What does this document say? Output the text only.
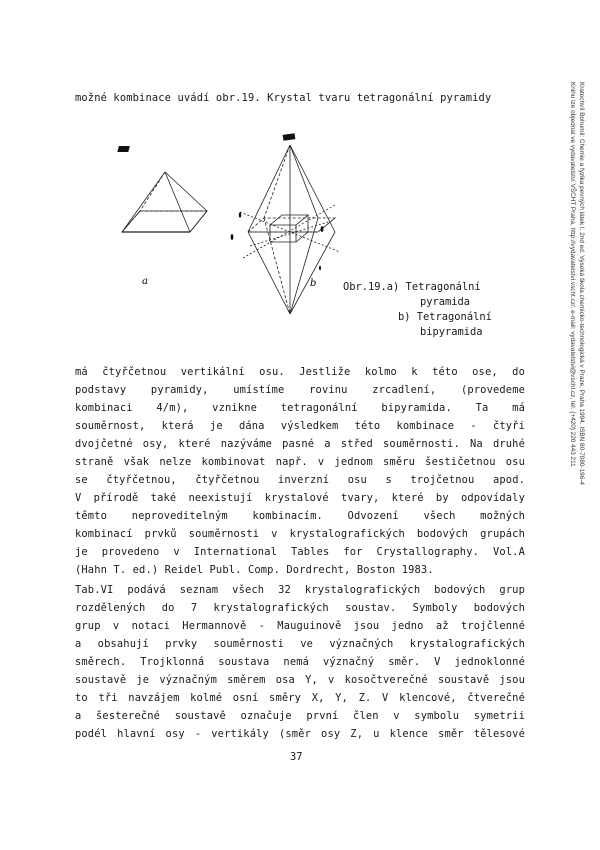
možné kombinace uvádí obr.19. Krystal tvaru tetragonální pyramidy
a	b	Obr.19.a) Tetragonální
pyramida
b) Tetragonální
bipyramida
má čtyřčetnou vertikální osu. Jestliže kolmo k této ose, do
podstavy pyramidy, umístíme rovinu zrcadlení, (provedeme
kombinaci 4/m), vznikne tetragonální bipyramida. Ta má
souměrnost, která je dána výsledkem této kombinace - čtyři
dvojčetné osy, které nazýváme pasné a střed souměrnosti. Na druhé
straně však nelze kombinovat např. v jednom směru šestičetnou osu
se čtyřčetnou, čtyřčetnou inverzní osu s trojčetnou apod.
V přírodě také neexistují krystalové tvary, které by odpovídaly
těmto neproveditelným kombinacím. Odvození všech možných
kombinací prvků souměrnosti v krystalografických bodových grupách
je provedeno v International Tables for Crystallography. Vol.A
(Hahn T. ed.) Reidel Publ. Comp. Dordrecht, Boston 1983.
Tab.VI podává seznam všech 32 krystalografických bodových grup
rozdělených do 7 krystalografických soustav. Symboly bodových
grup v notaci Hermannově - Mauguinově jsou jedno až trojčlenné
a obsahují prvky souměrnosti ve význačných krystalografických
směrech. Trojklonná soustava nemá význačný směr. V jednoklonné
soustavě je význačným směrem osa Y, v kosočtverečné soustavě jsou
to tři navzájem kolmé osní směry X, Y, Z. V klencové, čtverečné
a šesterečné soustavě označuje první člen v symbolu symetrii
podél hlavní osy - vertikály (směr osy Z, u klence směr tělesové
37
Kratochvíl Bohumil: Chemie a fyzika pevných látek I, 2nd ed. Vysoká škola chemicko-technologická v Praze, Praha 1994. ISBN 80-7080-196-4
Knihu lze objednat ve vydavatelství VŠCHT Praha, http://vydavatelstvi.vscht.cz/, e-mail: vydavatelstvi@vscht.cz, tel. (+420) 220 443 211
